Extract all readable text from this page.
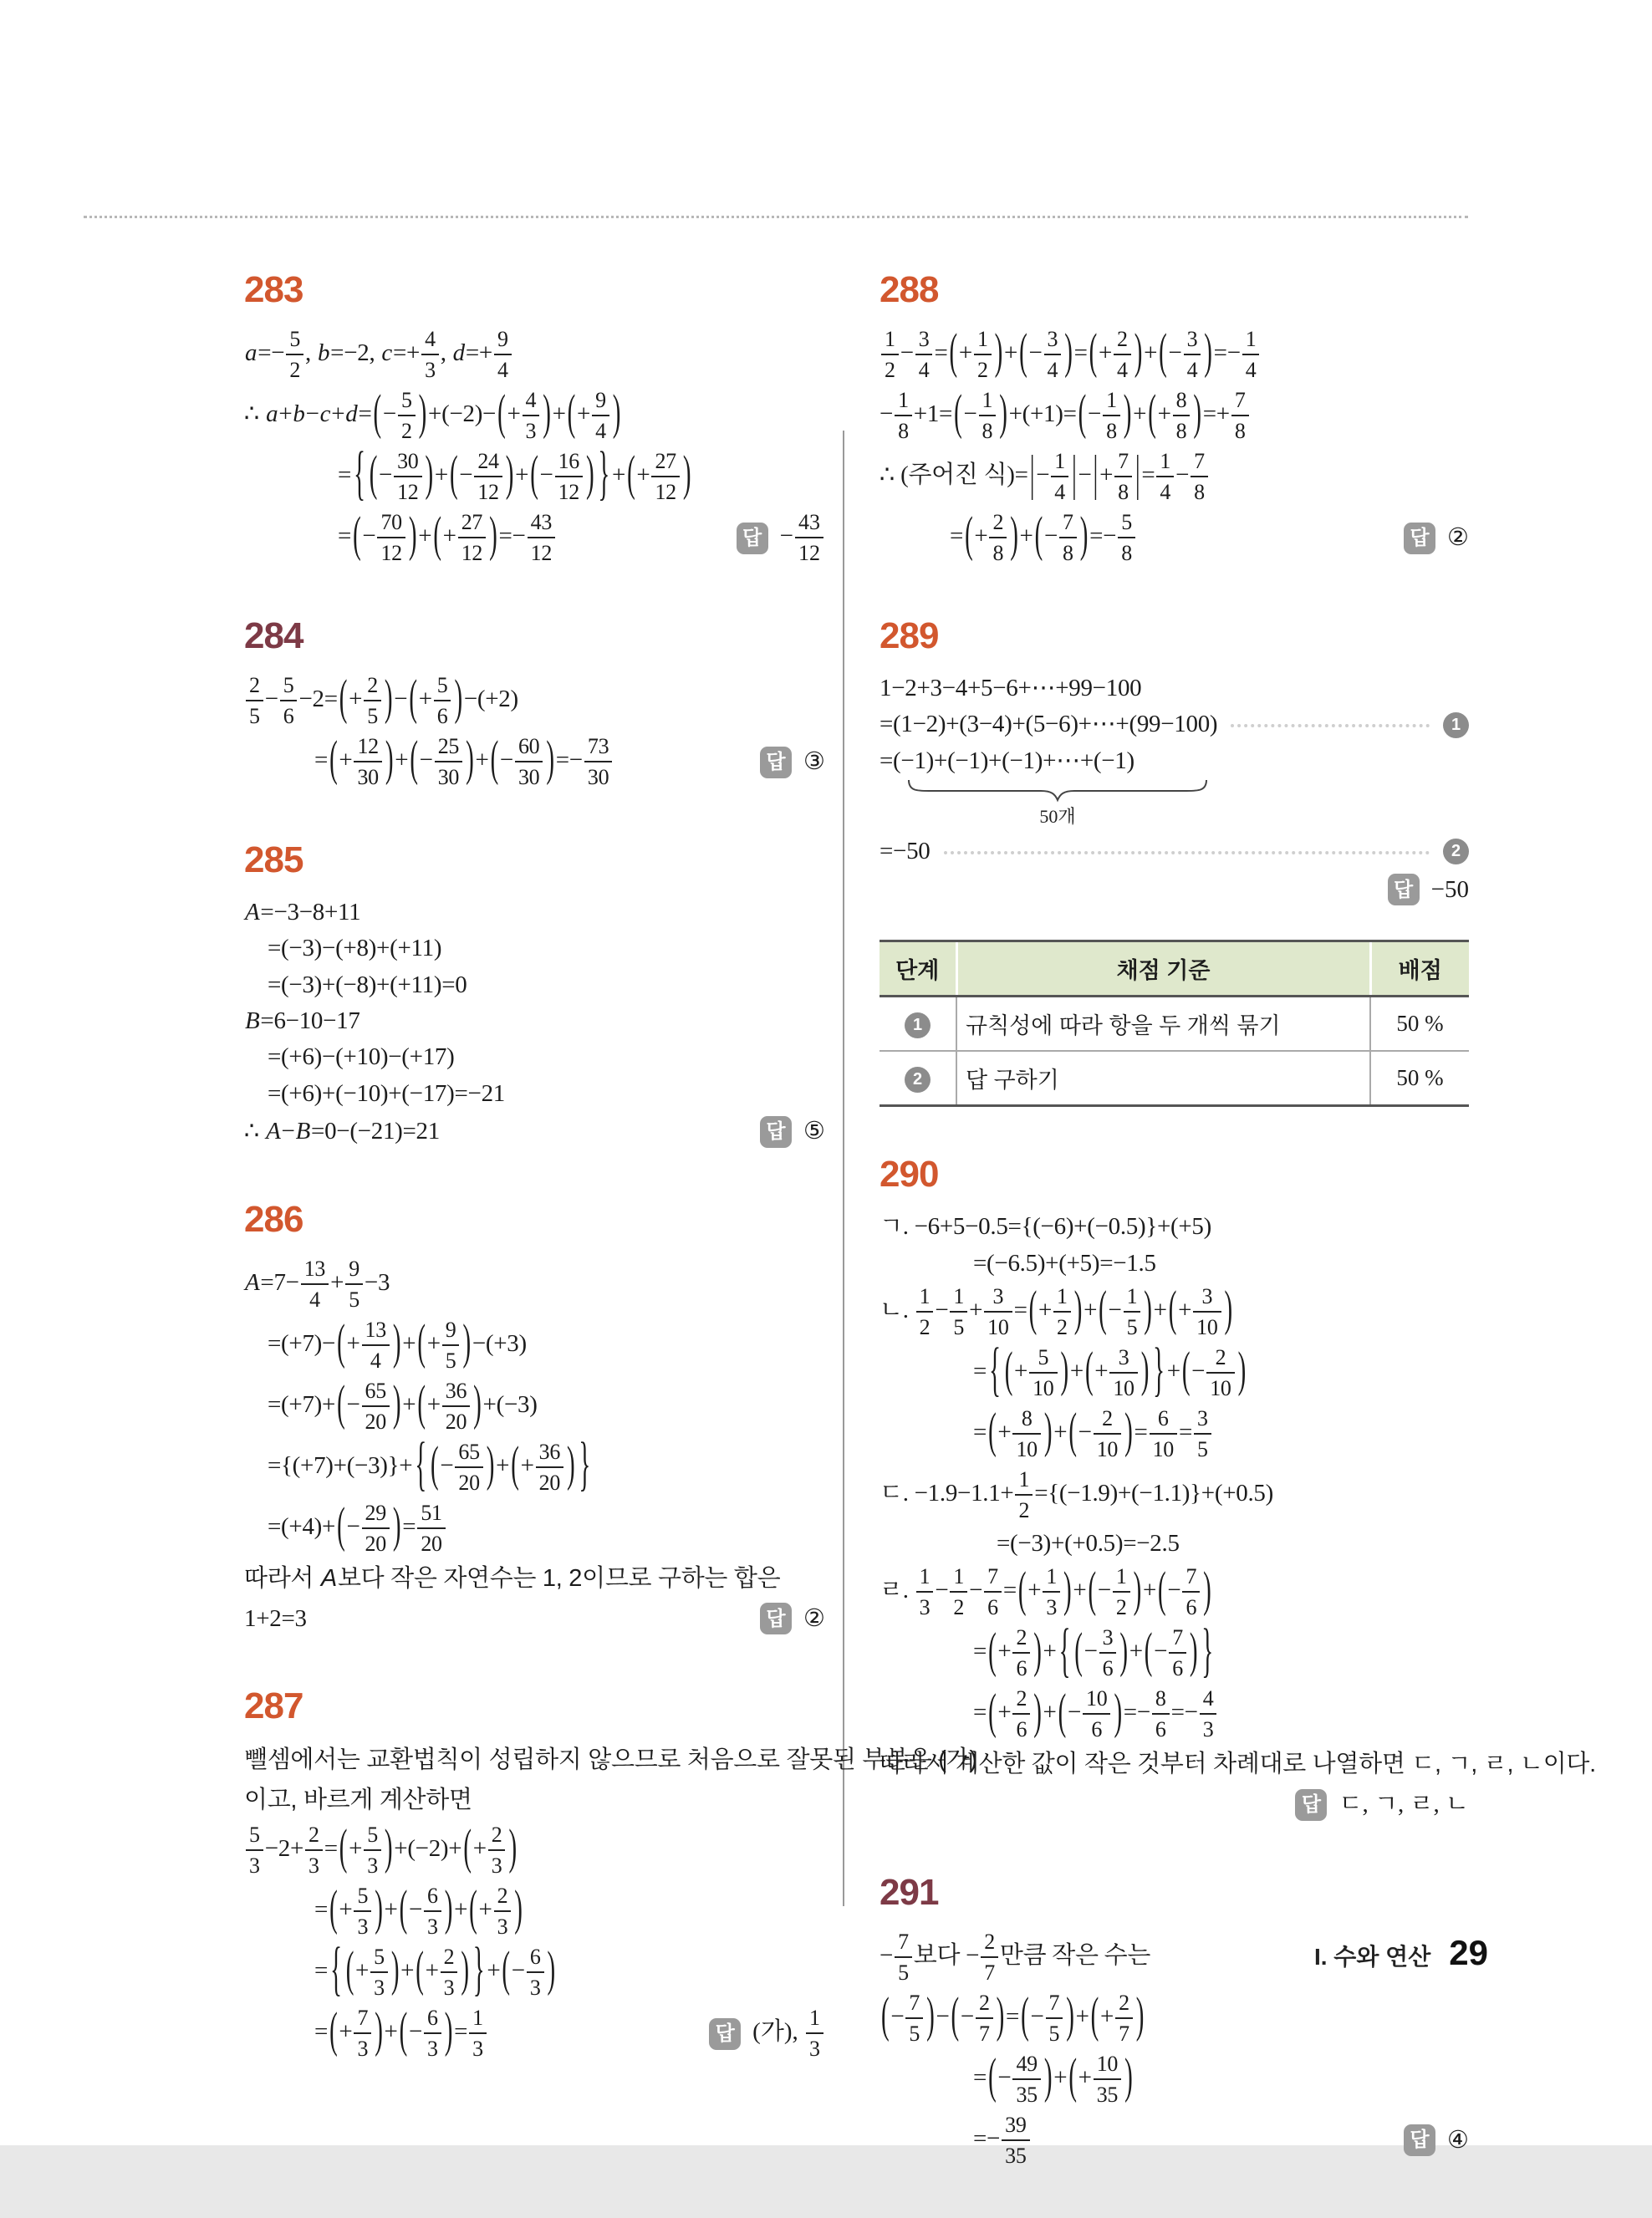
283
$a=- \frac{5}{2}$ , b=−2, $c=+ \frac{4}{3}$ , $d=+ \frac{9}{4}$
∴ $a+b-c+d=(- \frac{5}{2} )+(-2)-(+ \frac{4}{3}$ )+(+ $\frac{9}{4}$ )
= { (− $\frac{30}{12}$ )+(− $\frac{24}{12}$ )+(− $\frac{16}{12}$ ) } +(+ $\frac{27}{12}$ )
=(− $\frac{70}{12}$ )+(+ $\frac{27}{12}$ )=− $\frac{43}{12}$	답 − $\frac{43}{12}$
284
$\frac{2}{5} - \frac{5}{6} -2=(+ \frac{2}{5}$ )−(+ $\frac{5}{6} )-(+2)$
=(+ $\frac{12}{30}$ )+(− $\frac{25}{30}$ )+(− $\frac{60}{30}$ )=− $\frac{73}{30}$	답 ③
285
A=−3−8+11
=(−3)−(+8)+(+11)
=(−3)+(−8)+(+11)=0
B=6−10−17
=(+6)−(+10)−(+17)
=(+6)+(−10)+(−17)=−21
∴ A−B=0−(−21)=21	답 ⑤
286
$A=7- \frac{13}{4} + \frac{9}{5} -3$
$=(+7)-(+ \frac{13}{4}$ )+(+ $\frac{9}{5} )-(+3)$
$=(+7)+(- \frac{65}{20}$ )+(+ $\frac{36}{20} )+(-3)$
={(+7)+(−3)}+ { (− $\frac{65}{20}$ )+(+ $\frac{36}{20}$ ) }
$=(+4)+(- \frac{29}{20}$ )= $\frac{51}{20}$
따라서 A보다 작은 자연수는 1, 2이므로 구하는 합은
1+2=3	답 ②
287
뺄셈에서는 교환법칙이 성립하지 않으므로 처음으로 잘못된 부분은 (가)
이고, 바르게 계산하면
$\frac{5}{3} -2+ \frac{2}{3}$ =(+ $\frac{5}{3} )+(-2)+(+ \frac{2}{3}$ )
=(+ $\frac{5}{3}$ )+(− $\frac{6}{3}$ )+(+ $\frac{2}{3}$ )
= { (+ $\frac{5}{3}$ )+(+ $\frac{2}{3}$ ) } +(− $\frac{6}{3}$ )
=(+ $\frac{7}{3}$ )+(− $\frac{6}{3}$ )= $\frac{1}{3}$	답 (가), $\frac{1}{3}$
288
$\frac{1}{2} - \frac{3}{4}$ =(+ $\frac{1}{2}$ )+(− $\frac{3}{4}$ )=(+ $\frac{2}{4}$ )+(− $\frac{3}{4}$ )=− $\frac{1}{4}$
− $\frac{1}{8} +1=(- \frac{1}{8} )+(+1)=(- \frac{1}{8}$ )+(+ $\frac{8}{8}$ )=+ $\frac{7}{8}$
∴ (주어진 식)=|− $\frac{1}{4}$ |−|+ $\frac{7}{8}$ |= $\frac{1}{4} - \frac{7}{8}$
=(+ $\frac{2}{8}$ )+(− $\frac{7}{8}$ )=− $\frac{5}{8}$	답 ②
289
1−2+3−4+5−6+⋯+99−100
=(1−2)+(3−4)+(5−6)+⋯+(99−100)	1
=(−1)+(−1)+(−1)+⋯+(−1)
50개
=−50	2
답 −50
단계	채점 기준	배점
1	규칙성에 따라 항을 두 개씩 묶기	50 %
2	답 구하기	50 %
290
ㄱ. −6+5−0.5={(−6)+(−0.5)}+(+5)
=(−6.5)+(+5)=−1.5
ㄴ. $\frac{1}{2} - \frac{1}{5} + \frac{3}{10}$ =(+ $\frac{1}{2}$ )+(− $\frac{1}{5}$ )+(+ $\frac{3}{10}$ )
= { (+ $\frac{5}{10}$ )+(+ $\frac{3}{10}$ ) } +(− $\frac{2}{10}$ )
=(+ $\frac{8}{10}$ )+(− $\frac{2}{10}$ )= $\frac{6}{10} = \frac{3}{5}$
ㄷ. $-1.9-1.1+ \frac{1}{2} =\{(-1.9)+(-1.1)\}+(+0.5)$
=(−3)+(+0.5)=−2.5
ㄹ. $\frac{1}{3} - \frac{1}{2} - \frac{7}{6}$ =(+ $\frac{1}{3}$ )+(− $\frac{1}{2}$ )+(− $\frac{7}{6}$ )
=(+ $\frac{2}{6}$ )+ { (− $\frac{3}{6}$ )+(− $\frac{7}{6}$ ) }
=(+ $\frac{2}{6}$ )+(− $\frac{10}{6}$ )=− $\frac{8}{6} =- \frac{4}{3}$
따라서 계산한 값이 작은 것부터 차례대로 나열하면 ㄷ, ㄱ, ㄹ, ㄴ이다.
답 ㄷ, ㄱ, ㄹ, ㄴ
291
− $\frac{7}{5}$ 보다 − $\frac{2}{7}$ 만큼 작은 수는
(− $\frac{7}{5}$ )−(− $\frac{2}{7}$ )=(− $\frac{7}{5}$ )+(+ $\frac{2}{7}$ )
=(− $\frac{49}{35}$ )+(+ $\frac{10}{35}$ )
=− $\frac{39}{35}$	답 ④
I. 수와 연산 29
